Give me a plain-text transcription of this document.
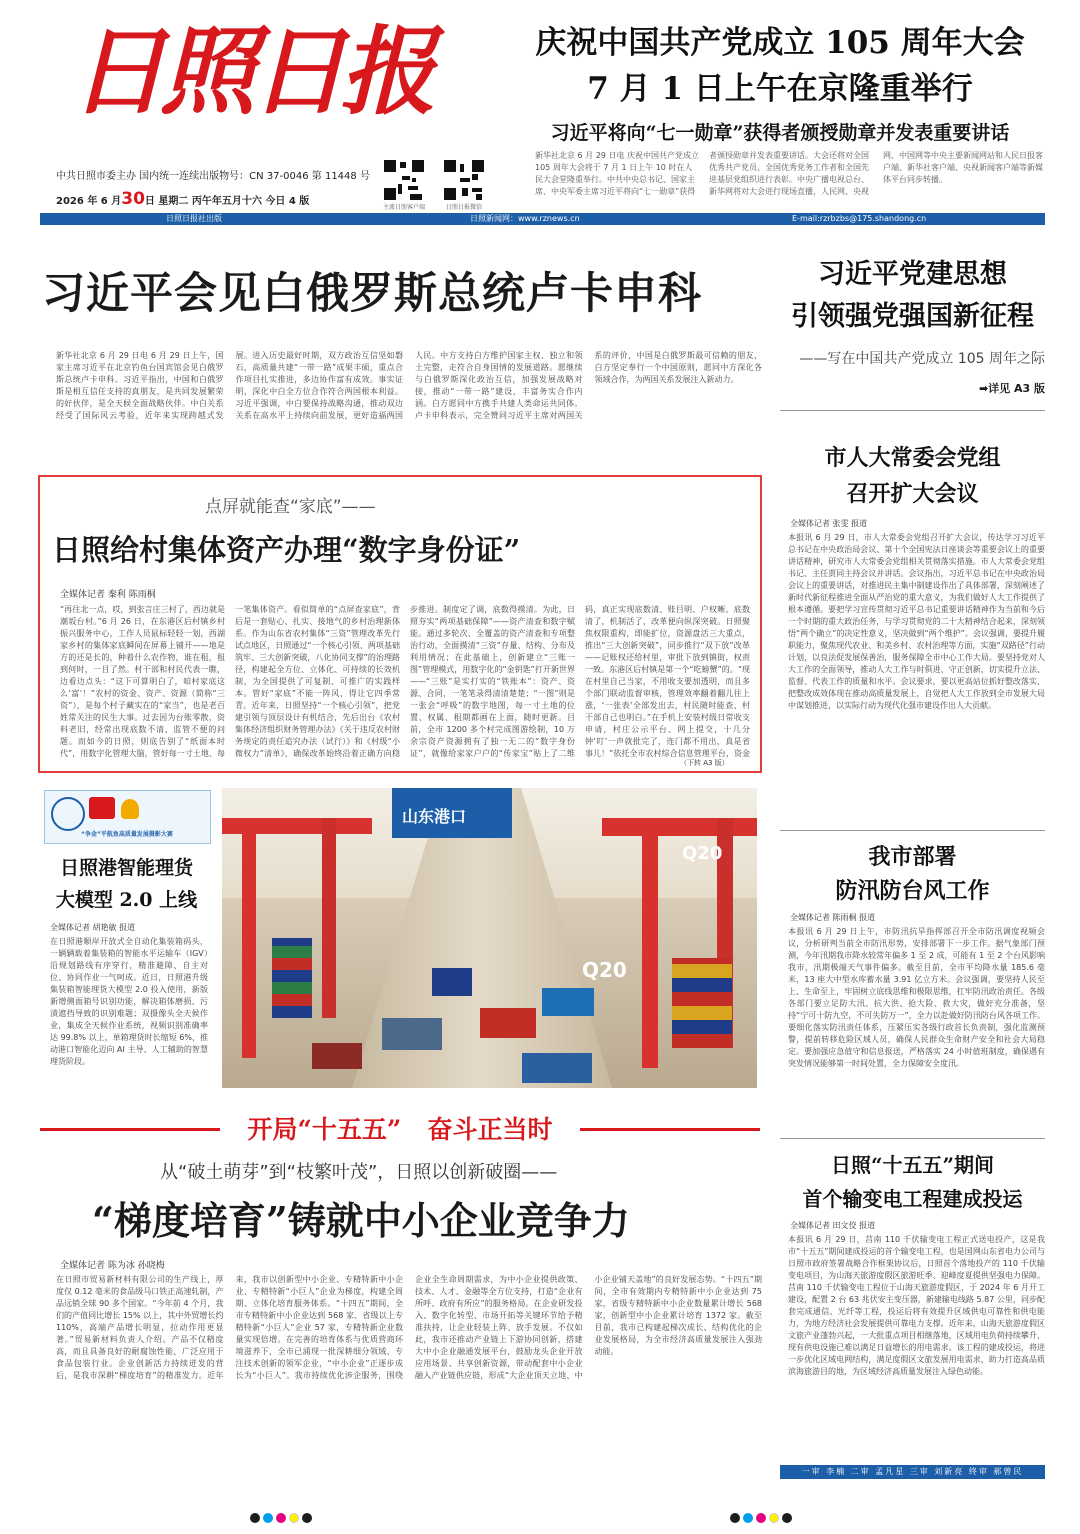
日照日报	庆祝中国共产党成立 105 周年大会
7 月 1 日上午在京隆重举行
习近平将向“七一勋章”获得者颁授勋章并发表重要讲话
新华社北京 6 月 29 日电 庆祝中国共产党成立 105 周年大会将于 7 月 1 日上午 10 时在人民大会堂隆重举行。中共中央总书记、国家主席、中央军委主席习近平将向“七一勋章”获得者颁授勋章并发表重要讲话。大会还将对全国优秀共产党员、全国优秀党务工作者和全国先进基层党组织进行表彰。中央广播电视总台、新华网将对大会进行现场直播，人民网、央视网、中国网等中央主要新闻网站和人民日报客户端、新华社客户端、央视新闻客户端等新媒体平台同步转播。
中共日照市委主办 国内统一连续出版物号：CN 37-0046 第 11448 号
2026 年 6 月30日 星期二 丙午年五月十六 今日 4 版
主流日照客户端	日照日报微信
日照日报社出版	日照新闻网：www.rznews.cn	E-mail:rzrbzbs@175.shandong.cn
习近平会见白俄罗斯总统卢卡申科
新华社北京 6 月 29 日电 6 月 29 日上午，国家主席习近平在北京钓鱼台国宾馆会见白俄罗斯总统卢卡申科。习近平指出，中国和白俄罗斯是相互信任支持的真朋友，是共同发展繁荣的好伙伴，是全天候全面战略伙伴。中白关系经受了国际风云考验，近年来实现跨越式发展。进入历史最好时期，双方政治互信坚如磐石，高质量共建“一带一路”成果丰硕，重点合作项目扎实推进，多边协作富有成效。事实证明，深化中白全方位合作符合两国根本利益。习近平强调，中白要保持战略沟通，推动双边关系在高水平上持续向前发展，更好造福两国人民。中方支持白方维护国家主权、独立和领土完整，走符合自身国情的发展道路。愿继续与白俄罗斯深化政治互信，加强发展战略对接，推动“一带一路”建设，丰富务实合作内涵。白方愿同中方携手共建人类命运共同体。卢卡申科表示，完全赞同习近平主席对两国关系的评价，中国是白俄罗斯最可信赖的朋友，白方坚定奉行一个中国原则，愿同中方深化各领域合作，为两国关系发展注入新动力。
习近平党建思想
引领强党强国新征程
——写在中国共产党成立 105 周年之际
➡详见 A3 版
点屏就能查“家底”——
日照给村集体资产办理“数字身份证”
全媒体记者 秦利 陈雨桐
“再往北一点，哎，到张言庄三村了，西边就是潮坂台村。”6 月 26 日，在东港区后村镇乡村振兴服务中心，工作人员鼠标轻轻一划，西湖家乡村的集体家底瞬间在屏幕上铺开——地是方的还是长的，种着什么农作物，谁在租，租到何时，一目了然。村干部和村民代表一瞧，边看边点头：“这下可算明白了，咱村家底这么‘富’！”农村的资金、资产、资源（简称“三资”），是每个村子藏实在的“家当”，也是老百姓常关注的民生大事。过去因为台账零散，资料老旧，经常出现底数不清、监管不便的问题。而如今的日照，则底告别了“纸面本时代”，用数字化管理大脑，管好每一寸土地、每一笔集体资产。看似简单的“点屏查家底”，背后是一套贴心、扎实、接地气的乡村治理新体系。作为山东省农村集体“三资”管理改革先行试点地区，日照通过“一个核心引领、两项基础筑牢、三大创新突破，八化协同支撑”的治理路径，构建起全方位、立体化、可持续的长效机制，为全国提供了可复制、可推广的实践样本。管好“家底”不能一阵风，得让它四季常青。近年来，日照坚持“一个核心引领”，把党建引领与顶层设计有机结合，先后出台《农村集体经济组织财务管理办法》《关于违反农村财务规定的责任追究办法（试行）》和《村级“小微权力”清单》，确保改革始终沿着正确方向稳步推进。制度定了调，底数得摸清。为此，日照夯实“两项基础保障”——资产清查和数字赋能。通过多轮次、全覆盖的资产清查和专项整治行动，全面摸清“三资”存量、结构、分布及利用情况；在此基础上，创新建立“三账一图”管理模式，用数字化的“金钥匙”打开新世界——“三账”是实打实的“铁账本”：资产、资源、合同，一笔笔录得清清楚楚；“一图”则是一张会“呼吸”的数字地图，每一寸土地的位置、权属、租期都画在上面，随时更新。目前，全市 1200 多个村完成图游绘制，10 万余宗资产资源拥有了独一无二的“数字身份证”，就像给家家户户的“传家宝”贴上了二维码，真正实现底数清、账目明、户权晰。底数清了，机制活了，改革便向纵深突破。日照聚焦权限重构，即能扩位，资源盘活三大重点，推出“三大创新突破”，同步推行“双下放”改革——记账权还给村里，审批下放到镇街，权责一致。东港区后村镇是第一个“吃螃蟹”的。“现在村里自己当家，不用收支要加透明，而且多个部门联动监督审核，管理效率翻着翻儿往上涨，‘一张表’全部发出去，村民随时能查、村干部自己也明白。”在手机上安装村级日常收支申请，村庄公示平台、网上提交，十几分钟‘叮’一声就批完了，连门都不用出，真是省事儿！”依托全市农村综合信息管理平台，资金
（下转 A3 版）
市人大常委会党组
召开扩大会议
全媒体记者 张雯 报道
本报讯 6 月 29 日，市人大常委会党组召开扩大会议，传达学习习近平总书记在中央政治局会议、第十个全国宪法日座谈会等重要会议上的重要讲话精神，研究市人大常委会党组相关贯彻落实措施。市人大常委会党组书记、主任贾同主持会议并讲话。会议指出，习近平总书记在中央政治局会议上的重要讲话，对推进民主集中制建设作出了具体部署，深刻阐述了新时代新征程推进全面从严治党的重大意义，为我们做好人大工作提供了根本遵循。要把学习宣传贯彻习近平总书记重要讲话精神作为当前和今后一个时期的重大政治任务，与学习贯彻党的二十大精神结合起来，深刻领悟“两个确立”的决定性意义，坚决做到“两个维护”。会议强调，要提升履职能力，聚焦现代农业、和美乡村、农村治理等方面，实施“双路径”行动计划，以良法促发展保善治，服务保障全市中心工作大局。要坚持党对人大工作的全面领导，推动人大工作与时俱进、守正创新，切实提升立法、监督、代表工作的质量和水平。会议要求，要以更高站位抓好整改落实，把整改成效体现在推动高质量发展上，自觉把人大工作放到全市发展大局中谋划推进，以实际行动为现代化强市建设作出人大贡献。
“争金”平航鱼高质量发展摄影大赛
日照港智能理货
大模型 2.0 上线
全媒体记者 胡艳敏 报道
在日照港顺岸开放式全自动化集装箱码头，一辆辆载着集装箱的智能水平运输车（IGV）沿规划路线有序穿行，精准避障、自主对位、协同作业一气呵成。近日，日照港升级集装箱智能理货大模型 2.0 投入使用，新版新增侧面箱号识别功能，解决箱体磨损、污渍遮挡导致的识别难题；双摄像头全天候作业，集成全天候作业系统，视频识别准确率达 99.8% 以上，单箱理货时长缩短 6%，推动港口智能化迈向 AI 主导、人工辅助的智慧理货阶段。
山东港口
Q20
Q20
我市部署
防汛防台风工作
全媒体记者 陈雨桐 报道
本报讯 6 月 29 日上午，市防汛抗旱指挥部召开全市防汛调度视频会议，分析研判当前全市防汛形势，安排部署下一步工作。据气象部门预测，今年汛期我市降水较常年偏多 1 至 2 成，可能有 1 至 2 个台风影响我市，汛期极端天气事件偏多。截至目前，全市平均降水量 185.6 毫米，13 座大中型水库蓄水量 3.91 亿立方米。会议强调，要坚持人民至上、生命至上，牢固树立底线思维和极限思维，扛牢防汛政治责任。各级各部门要立足防大汛、抗大洪、抢大险、救大灾，做好充分准备，坚持“宁可十防九空，不可失防万一”，全力以赴做好防汛防台风各项工作。要细化落实防汛责任体系，压紧压实各级行政首长负责制，强化监测预警，提前转移危险区域人员，确保人民群众生命财产安全和社会大局稳定。要加强应急值守和信息报送，严格落实 24 小时值班制度，确保遇有突发情况能够第一时间处置，全力保障安全度汛。
开局“十五五” 奋斗正当时
从“破土萌芽”到“枝繁叶茂”，日照以创新破圈——
“梯度培育”铸就中小企业竞争力
全媒体记者 陈为冰 孙晓梅
在日照市贸易新材料有限公司的生产线上，厚度仅 0.12 毫米的食品级马口铁正高速轧制，产品远销全球 90 多个国家。“今年前 4 个月，我们的产值同比增长 15% 以上，其中外贸增长约 110%，高端产品增长明显，拉动作用更显著。”贸易新材料负责人介绍。产品不仅精度高，而且具备良好的耐腐蚀性能，广泛应用于食品包装行业。企业创新活力持续迸发的背后，是我市深耕“梯度培育”的精准发力。近年来，我市以创新型中小企业、专精特新中小企业、专精特新“小巨人”企业为梯度，构建全周期、立体化培育服务体系。“十四五”期间，全市专精特新中小企业达到 568 家、省级以上专精特新“小巨人”企业 57 家，专精特新企业数量实现倍增。在完善的培育体系与优质营商环境滋养下，全市已涌现一批深耕细分领域、专注技术创新的领军企业，“中小企业”正逐步成长为“小巨人”。我市持续优化涉企服务，围绕企业全生命周期需求，为中小企业提供政策、技术、人才、金融等全方位支持，打造“企业有所呼、政府有所应”的服务格局。在企业研发投入、数字化转型、市场开拓等关键环节给予精准扶持，让企业轻装上阵、放手发展。不仅如此，我市还推动产业链上下游协同创新，搭建大中小企业融通发展平台，鼓励龙头企业开放应用场景、共享创新资源，带动配套中小企业融入产业链供应链，形成“大企业顶天立地、中小企业铺天盖地”的良好发展态势。“十四五”期间，全市有效期内专精特新中小企业达到 75 家，省级专精特新中小企业数量累计增长 568 家，创新型中小企业累计培育 1372 家。截至目前，我市已构建起梯次成长、结构优化的企业发展格局，为全市经济高质量发展注入强劲动能。
日照“十五五”期间
首个输变电工程建成投运
全媒体记者 田文佼 报道
本报讯 6 月 29 日，莒南 110 千伏输变电工程正式送电投产，这是我市“十五五”期间建成投运的首个输变电工程，也是国网山东省电力公司与日照市政府签署战略合作框架协议后，日照首个落地投产的 110 千伏输变电项目，为山海天旅游度假区旅游旺季、迎峰度夏提供坚强电力保障。莒南 110 千伏输变电工程位于山海天旅游度假区，于 2024 年 6 月开工建设，配置 2 台 63 兆伏安主变压器，新建输电线路 5.87 公里，同步配套完成通信、光纤等工程，投运后将有效提升区域供电可靠性和供电能力，为地方经济社会发展提供可靠电力支撑。近年来，山海天旅游度假区文旅产业蓬勃兴起，一大批重点项目相继落地，区域用电负荷持续攀升，现有供电设施已难以满足日益增长的用电需求。该工程的建成投运，将进一步优化区域电网结构，满足度假区文旅发展用电需求，助力打造高品质滨海旅游目的地，为区域经济高质量发展注入绿色动能。
一审 李楠 二审 孟凡星 三审 刘新亮 终审 郝曾民
